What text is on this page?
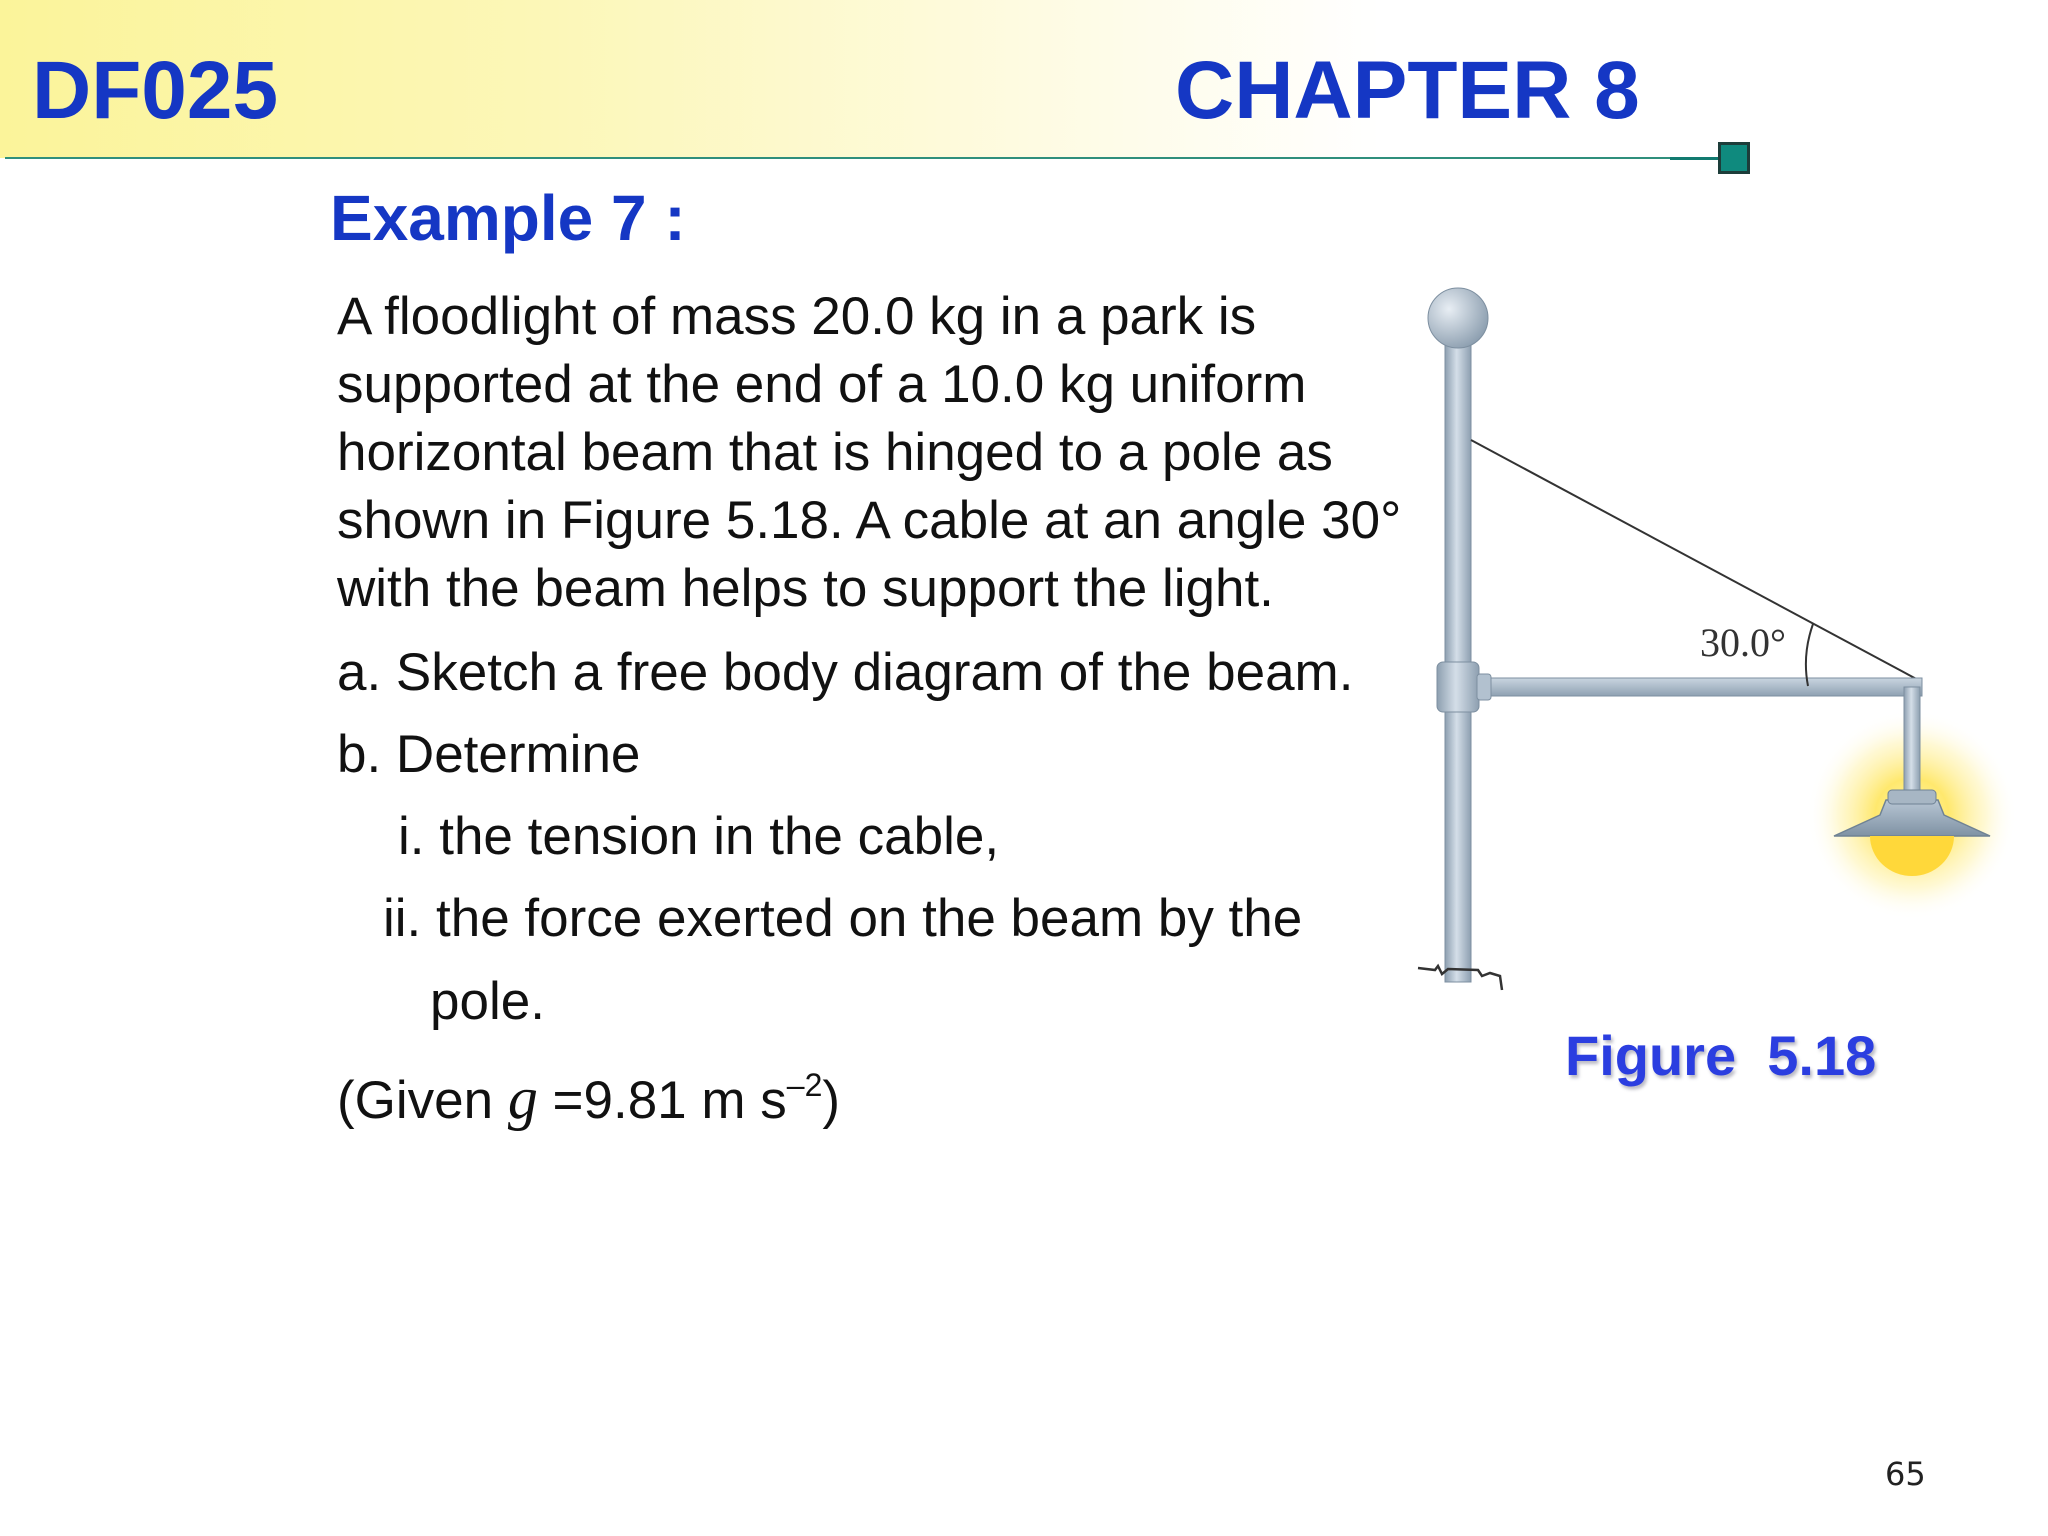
DF025	CHAPTER 8
Example 7 :

A floodlight of mass 20.0 kg in a park is supported at the end of a 10.0 kg uniform horizontal beam that is hinged to a pole as shown in Figure 5.18. A cable at an angle 30° with the beam helps to support the light.

a. Sketch a free body diagram of the beam.
b. Determine
i. the tension in the cable,
ii. the force exerted on the beam by the
pole.
(Given g =9.81 m $s^{-2}$)
30.0°
Figure  5.18
65
